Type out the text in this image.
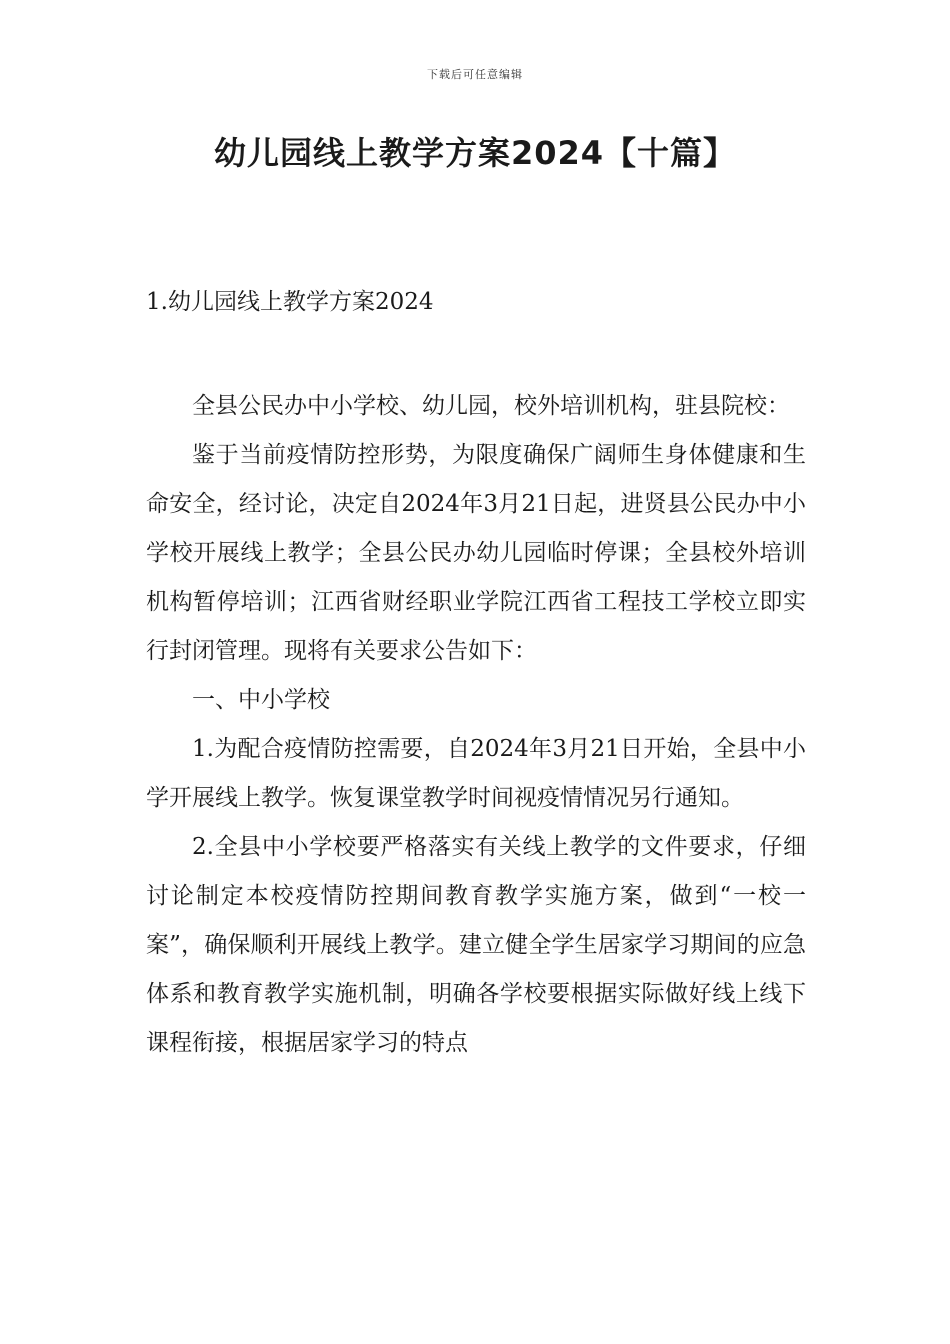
下载后可任意编辑
幼儿园线上教学方案2024【十篇】
1.幼儿园线上教学方案2024

全县公民办中小学校、幼儿园，校外培训机构，驻县院校：

鉴于当前疫情防控形势，为限度确保广阔师生身体健康和生命安全，经讨论，决定自2024年3月21日起，进贤县公民办中小学校开展线上教学；全县公民办幼儿园临时停课；全县校外培训机构暂停培训；江西省财经职业学院江西省工程技工学校立即实行封闭管理。现将有关要求公告如下：

一、中小学校

1.为配合疫情防控需要，自2024年3月21日开始，全县中小学开展线上教学。恢复课堂教学时间视疫情情况另行通知。

2.全县中小学校要严格落实有关线上教学的文件要求，仔细讨论制定本校疫情防控期间教育教学实施方案，做到“一校一案”，确保顺利开展线上教学。建立健全学生居家学习期间的应急体系和教育教学实施机制，明确各学校要根据实际做好线上线下课程衔接，根据居家学习的特点
